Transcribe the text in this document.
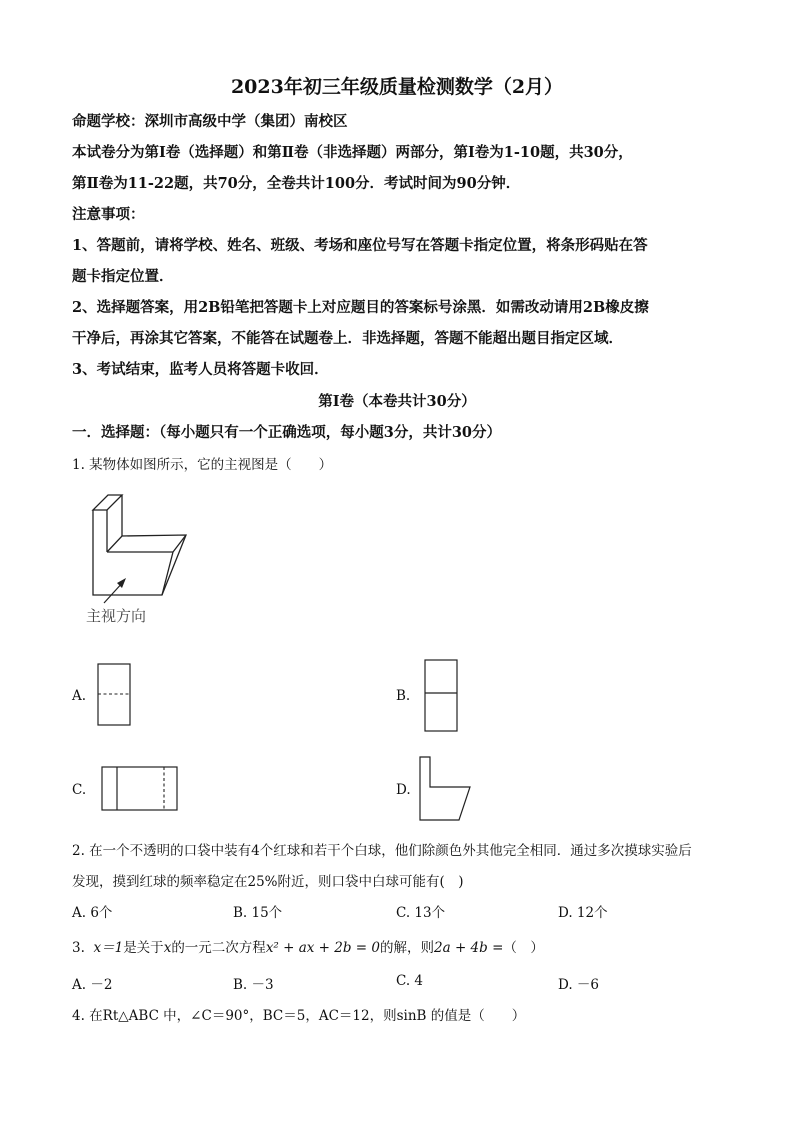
2023年初三年级质量检测数学（2月）
命题学校：深圳市高级中学（集团）南校区
本试卷分为第Ⅰ卷（选择题）和第Ⅱ卷（非选择题）两部分，第Ⅰ卷为1-10题，共30分，
第Ⅱ卷为11-22题，共70分，全卷共计100分．考试时间为90分钟．
注意事项：
1、答题前，请将学校、姓名、班级、考场和座位号写在答题卡指定位置，将条形码贴在答
题卡指定位置．
2、选择题答案，用2B铅笔把答题卡上对应题目的答案标号涂黑．如需改动请用2B橡皮擦
干净后，再涂其它答案，不能答在试题卷上．非选择题，答题不能超出题目指定区域．
3、考试结束，监考人员将答题卡收回．
第Ⅰ卷（本卷共计30分）
一．选择题：（每小题只有一个正确选项，每小题3分，共计30分）
1. 某物体如图所示，它的主视图是（　　）
主视方向
A.	B.
C.	D.
2. 在一个不透明的口袋中装有4个红球和若干个白球，他们除颜色外其他完全相同．通过多次摸球实验后
发现，摸到红球的频率稳定在25%附近，则口袋中白球可能有(　)
A. 6个	B. 15个	C. 13个	D. 12个
3. x＝1是关于x的一元二次方程x² + ax + 2b = 0的解，则2a + 4b =（　）
A. －2	B. －3	C. 4	D. －6
4. 在Rt△ABC 中，∠C＝90°，BC＝5，AC＝12，则sinB 的值是（　　）
